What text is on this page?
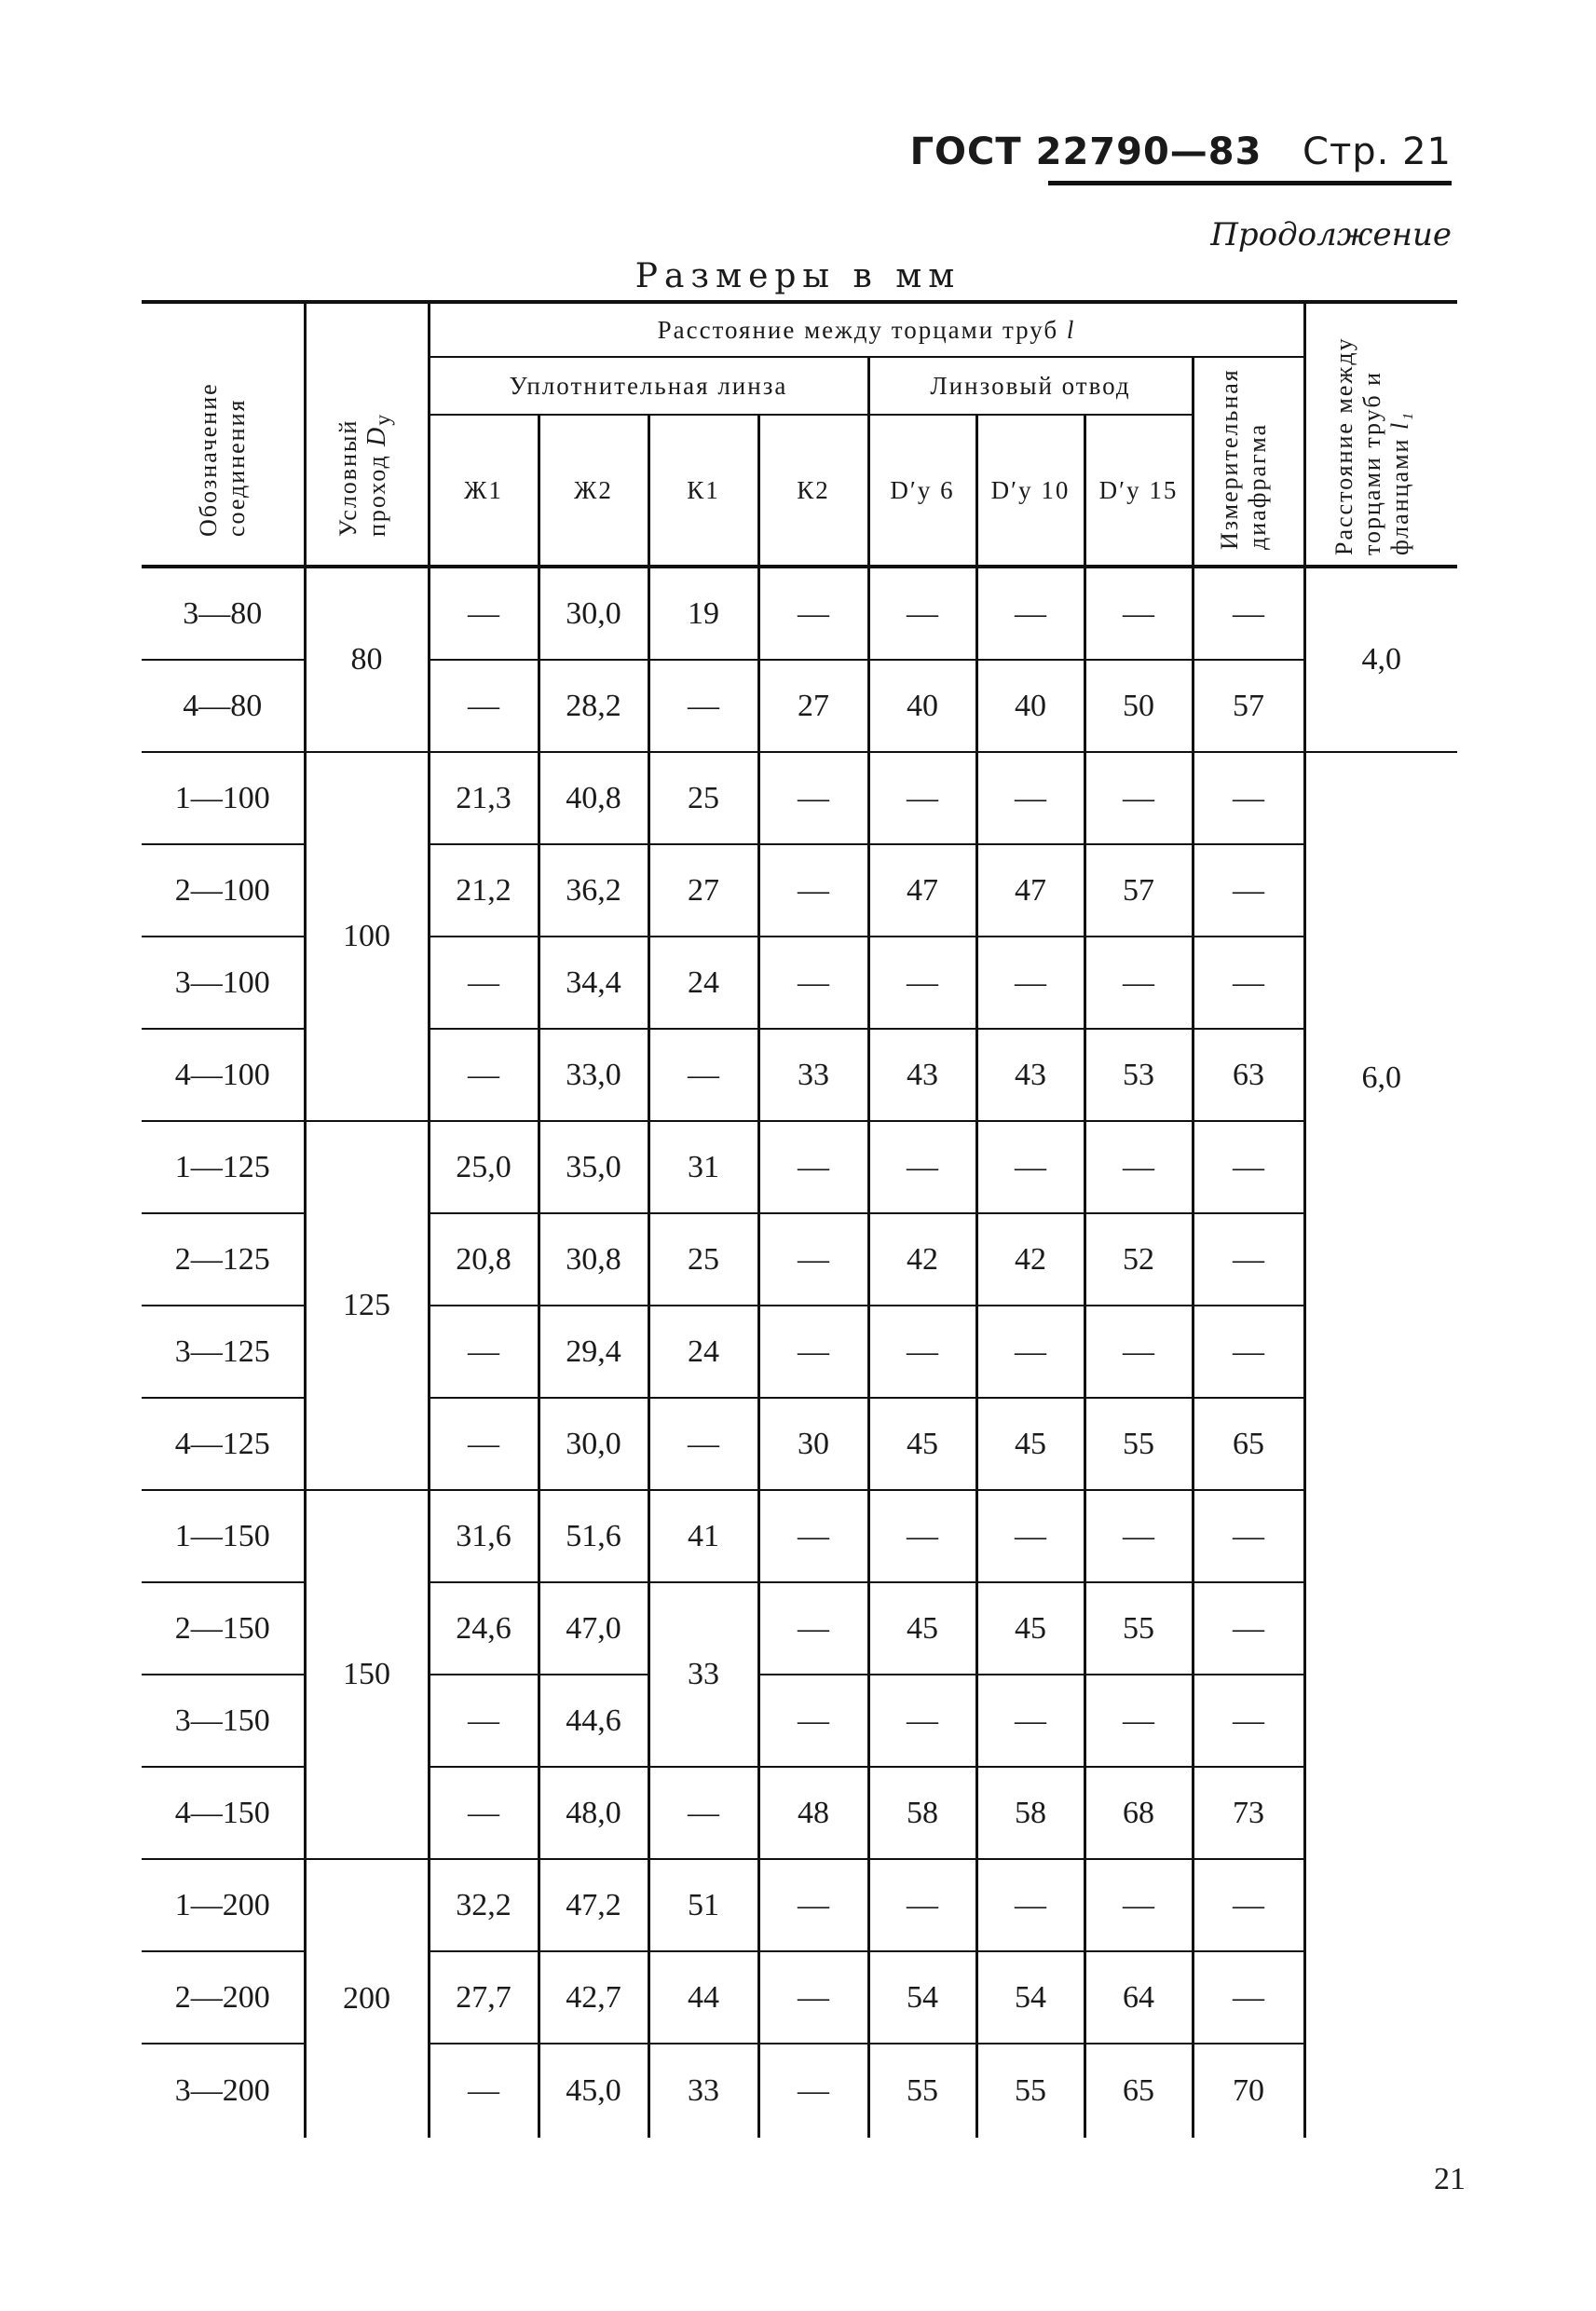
ГОСТ 22790—83 Стр. 21
Продолжение
Размеры в мм
Обозначение соединения	Условный проход $D_у$	Расстояние между торцами труб l								Расстояние между торцами труб и фланцами l₁

		Уплотнительная линза				Линзовый отвод			Измерительная диафрагма	

		Ж1	Ж2	К1	К2	D′у 6	D′у 10	D′у 15		
3—80	80	—	30,0	19	—	—	—	—	—	4,0
4—80		—	28,2	—	27	40	40	50	57	
1—100	100	21,3	40,8	25	—	—	—	—	—	6,0
2—100		21,2	36,2	27	—	47	47	57	—	
3—100		—	34,4	24	—	—	—	—	—	
4—100		—	33,0	—	33	43	43	53	63	
1—125	125	25,0	35,0	31	—	—	—	—	—	
2—125		20,8	30,8	25	—	42	42	52	—	
3—125		—	29,4	24	—	—	—	—	—	
4—125		—	30,0	—	30	45	45	55	65	
1—150	150	31,6	51,6	41	—	—	—	—	—	
2—150		24,6	47,0	33	—	45	45	55	—	
3—150		—	44,6		—	—	—	—	—	
4—150		—	48,0	—	48	58	58	68	73	
1—200	200	32,2	47,2	51	—	—	—	—	—	
2—200		27,7	42,7	44	—	54	54	64	—	
3—200		—	45,0	33	—	55	55	65	70	
21
